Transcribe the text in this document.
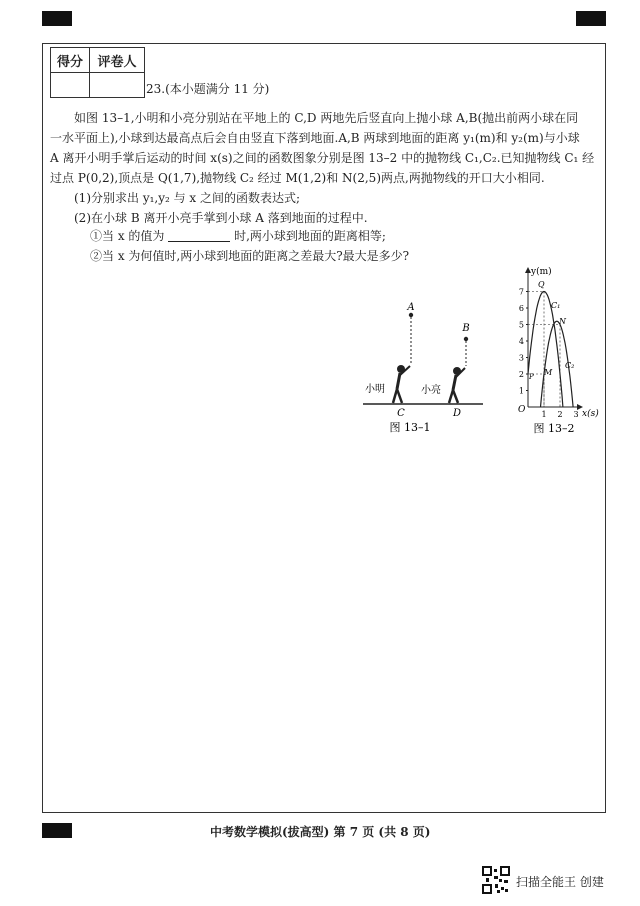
得分	评卷人

23.(本小题满分 11 分)
如图 13–1,小明和小亮分别站在平地上的 C,D 两地先后竖直向上抛小球 A,B(抛出前两小球在同
一水平面上),小球到达最高点后会自由竖直下落到地面.A,B 两球到地面的距离 y₁(m)和 y₂(m)与小球
A 离开小明手掌后运动的时间 x(s)之间的函数图象分别是图 13–2 中的抛物线 C₁,C₂.已知抛物线 C₁ 经
过点 P(0,2),顶点是 Q(1,7),抛物线 C₂ 经过 M(1,2)和 N(2,5)两点,两抛物线的开口大小相同.
(1)分别求出 y₁,y₂ 与 x 之间的函数表达式;
(2)在小球 B 离开小亮手掌到小球 A 落到地面的过程中.
①当 x 的值为	时,两小球到地面的距离相等;
②当 x 为何值时,两小球到地面的距离之差最大?最大是多少?
A
B
小明	小亮
C	D
图 13–1
1
2
3
4
5
6
7
1 2 3
y(m)
x(s)
O
Q
C₁
N
M
P
C₂
图 13–2
中考数学模拟(拔高型) 第 7 页 (共 8 页)
扫描全能王 创建
